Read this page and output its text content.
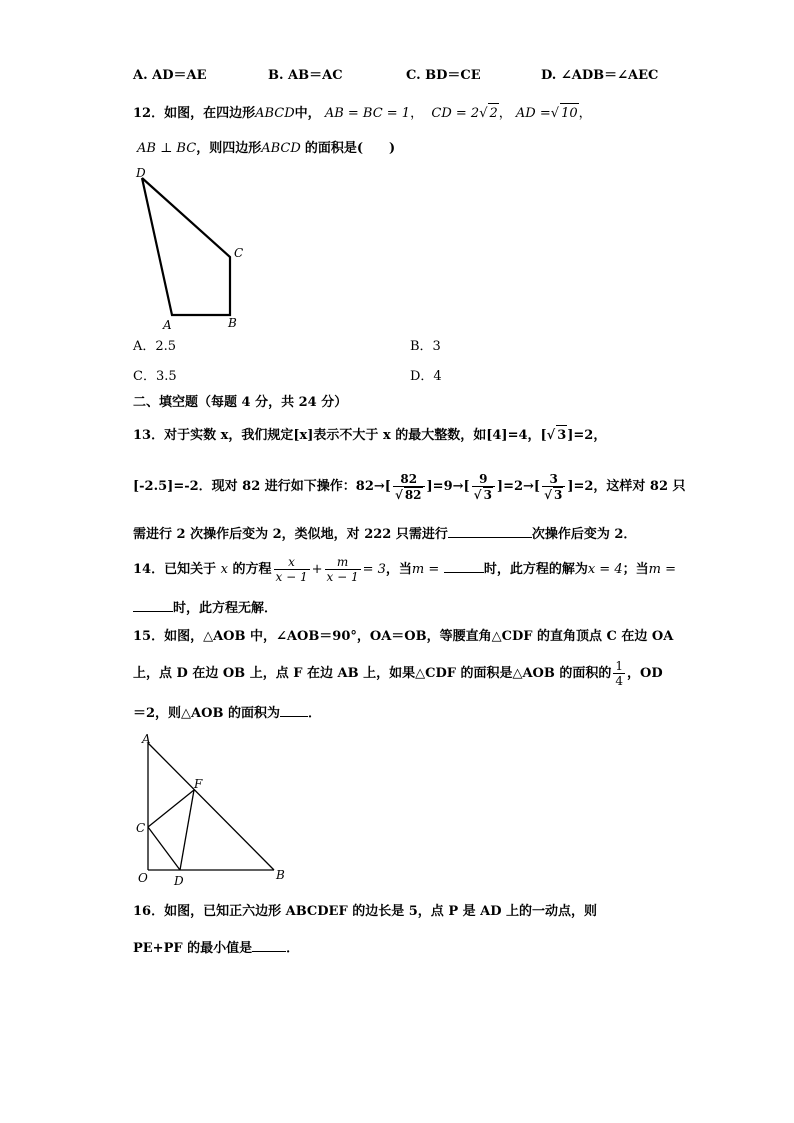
A. AD＝AE	B. AB＝AC	C. BD＝CE	D. ∠ADB＝∠AEC
12．如图，在四边形ABCD中， AB = BC = 1， CD = 2√ 2， AD =√ 10，
AB ⊥ BC，则四边形ABCD 的面积是(　　)
D
C
A	B
A．2.5	B．3
C．3.5	D．4
二、填空题（每题 4 分，共 24 分）
13．对于实数 x，我们规定[x]表示不大于 x 的最大整数，如[4]=4，[√ 3]=2，
[-2.5]=-2．现对 82 进行如下操作：$82\to[ \frac{82}{√ 82} ]=9\to[ \frac{9}{√ 3} ]=2\to[ \frac{3}{√ 3} ]=2$，这样对 82 只
需进行 2 次操作后变为 2，类似地，对 222 只需进行	次操作后变为 2．
14．已知关于 x 的方程 $\frac{x}{x - 1} + \frac{m}{x - 1} = 3$，当m =	时，此方程的解为x = 4；当m =
时，此方程无解．
15．如图，△AOB 中，∠AOB＝90°，OA＝OB，等腰直角△CDF 的直角顶点 C 在边 OA
上，点 D 在边 OB 上，点 F 在边 AB 上，如果△CDF 的面积是△AOB 的面积的 $\frac{1}{4}$ ，OD
＝2，则△AOB 的面积为 ．
A
F
C
O D	B
16．如图，已知正六边形 ABCDEF 的边长是 5，点 P 是 AD 上的一动点，则
PE+PF 的最小值是	．
